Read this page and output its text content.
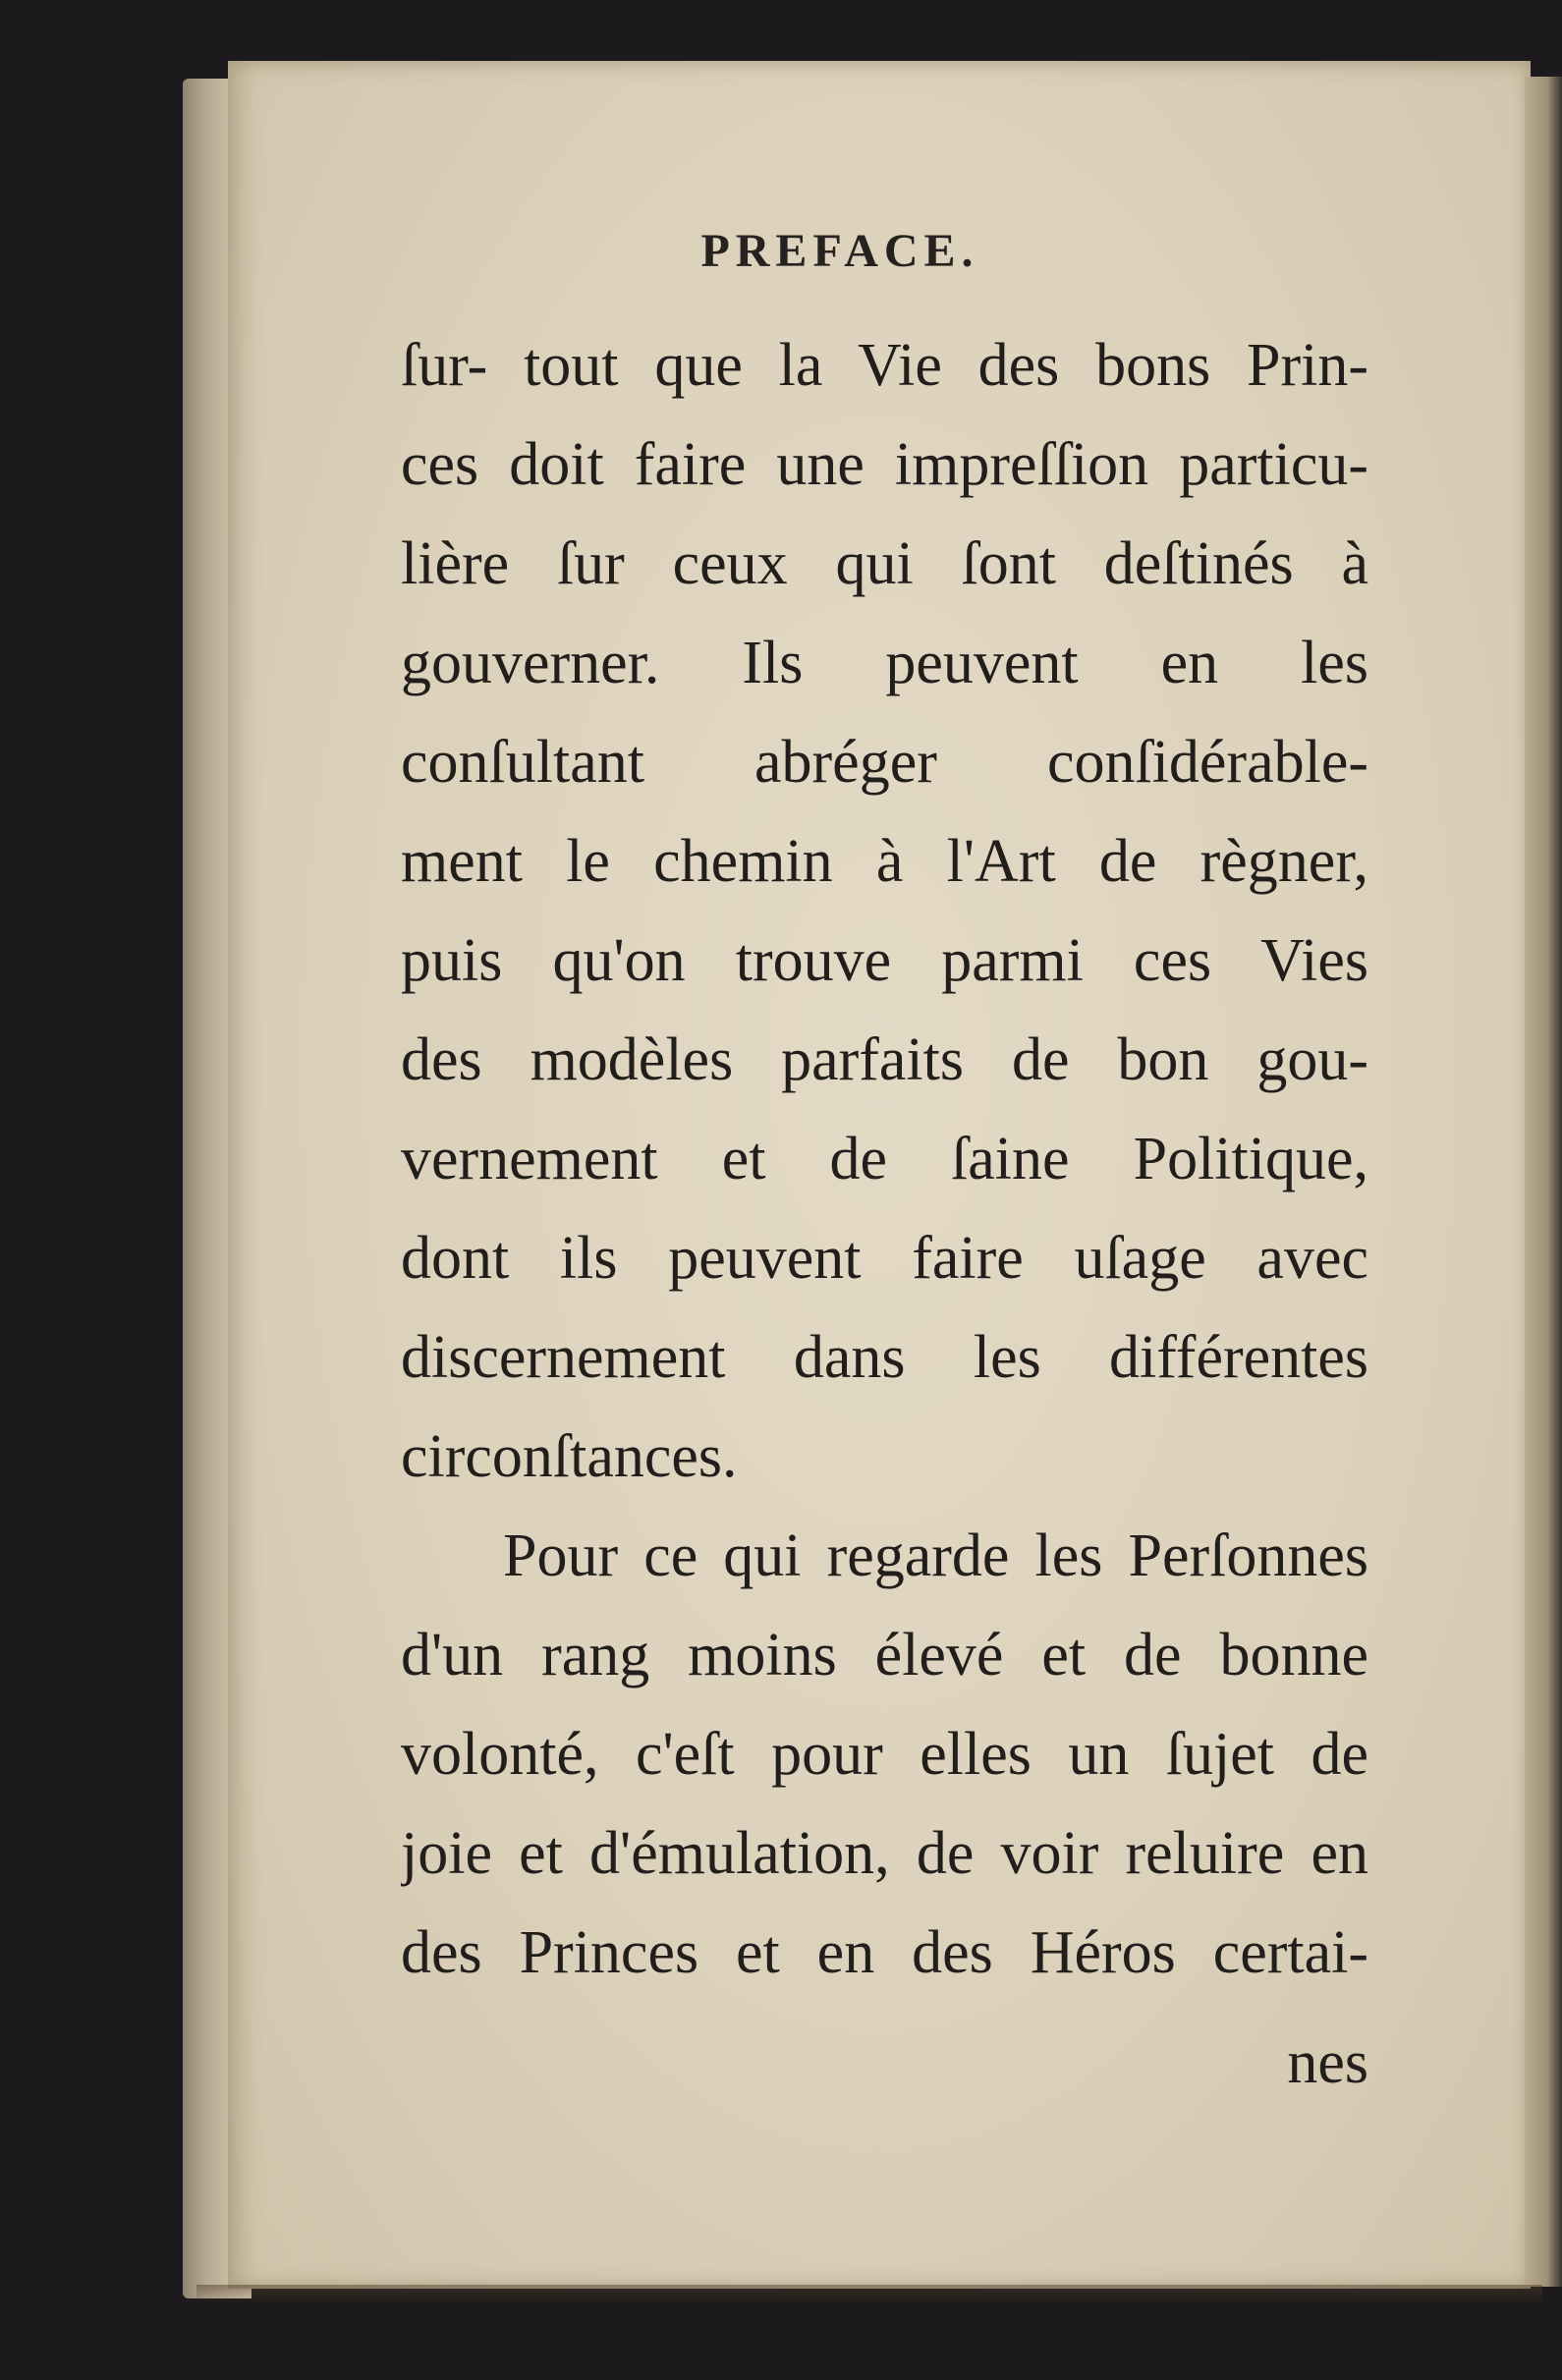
PREFACE.
ſur- tout que la Vie des bons Prin-
ces doit faire une impreſſion particu-
lière ſur ceux qui ſont deſtinés à
gouverner. Ils peuvent en les
conſultant abréger conſidérable-
ment le chemin à l'Art de règner,
puis qu'on trouve parmi ces Vies
des modèles parfaits de bon gou-
vernement et de ſaine Politique,
dont ils peuvent faire uſage avec
discernement dans les différentes
circonſtances.
Pour ce qui regarde les Perſonnes
d'un rang moins élevé et de bonne
volonté, c'eſt pour elles un ſujet de
joie et d'émulation, de voir reluire en
des Princes et en des Héros certai-
nes
